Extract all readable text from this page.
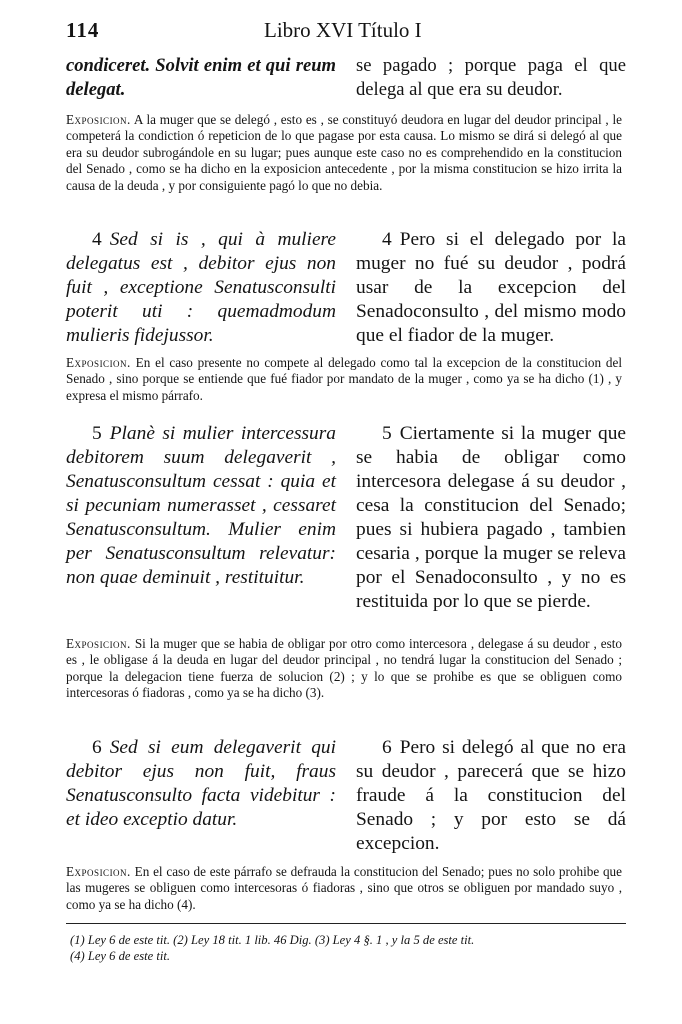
114	Libro XVI Título I
condiceret. Solvit enim et qui reum delegat.
se pagado ; porque paga el que delega al que era su deudor.
Exposicion. A la muger que se delegó , esto es , se constituyó deudora en lugar del deudor principal , le competerá la condiction ó repeticion de lo que pagase por esta causa. Lo mismo se dirá si delegó al que era su deudor subrogándole en su lugar; pues aunque este caso no es comprehendido en la constitucion del Senado , como se ha dicho en la exposicion antecedente , por la misma constitucion se hizo irrita la causa de la deuda , y por consiguiente pagó lo que no debia.
4 Sed si is , qui à muliere delegatus est , debitor ejus non fuit , exceptione Senatusconsulti poterit uti : quemadmodum mulieris fidejussor.
4 Pero si el delegado por la muger no fué su deudor , podrá usar de la excepcion del Senadoconsulto , del mismo modo que el fiador de la muger.
Exposicion. En el caso presente no compete al delegado como tal la excepcion de la constitucion del Senado , sino porque se entiende que fué fiador por mandato de la muger , como ya se ha dicho (1) , y expresa el mismo párrafo.
5 Planè si mulier intercessura debitorem suum delegaverit , Senatusconsultum cessat : quia et si pecuniam numerasset , cessaret Senatusconsultum. Mulier enim per Senatusconsultum relevatur: non quae deminuit , restituitur.
5 Ciertamente si la muger que se habia de obligar como intercesora delegase á su deudor , cesa la constitucion del Senado; pues si hubiera pagado , tambien cesaria , porque la muger se releva por el Senadoconsulto , y no es restituida por lo que se pierde.
Exposicion. Si la muger que se habia de obligar por otro como intercesora , delegase á su deudor , esto es , le obligase á la deuda en lugar del deudor principal , no tendrá lugar la constitucion del Senado ; porque la delegacion tiene fuerza de solucion (2) ; y lo que se prohibe es que se obliguen como intercesoras ó fiadoras , como ya se ha dicho (3).
6 Sed si eum delegaverit qui debitor ejus non fuit, fraus Senatusconsulto facta videbitur : et ideo exceptio datur.
6 Pero si delegó al que no era su deudor , parecerá que se hizo fraude á la constitucion del Senado ; y por esto se dá excepcion.
Exposicion. En el caso de este párrafo se defrauda la constitucion del Senado; pues no solo prohibe que las mugeres se obliguen como intercesoras ó fiadoras , sino que otros se obliguen por mandado suyo , como ya se ha dicho (4).
(1) Ley 6 de este tit. (2) Ley 18 tit. 1 lib. 46 Dig. (3) Ley 4 §. 1 , y la 5 de este tit.
(4) Ley 6 de este tit.
